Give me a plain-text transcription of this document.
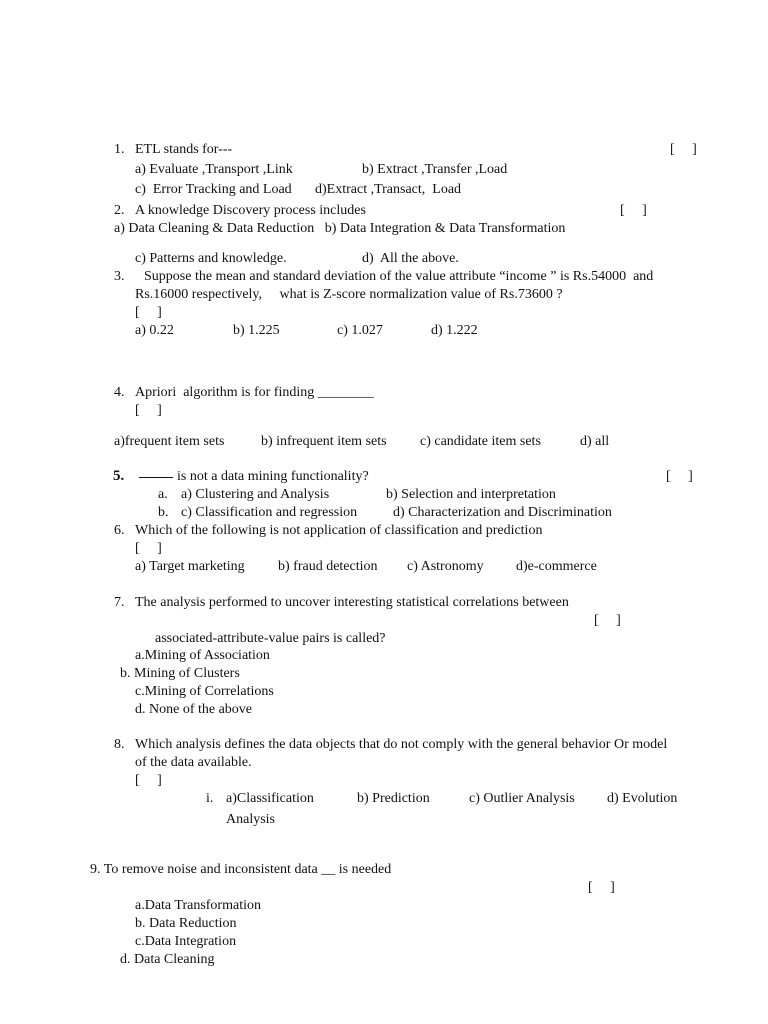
1. ETL stands for---	[     ]
a) Evaluate ,Transport ,Link	b) Extract ,Transfer ,Load
c)  Error Tracking and Load d)Extract ,Transact,  Load
2. A knowledge Discovery process includes	[     ]
a) Data Cleaning & Data Reduction   b) Data Integration & Data Transformation
c) Patterns and knowledge.	d)  All the above.
3. Suppose the mean and standard deviation of the value attribute “income ” is Rs.54000  and
Rs.16000 respectively,     what is Z-score normalization value of Rs.73600 ?
[     ]
a) 0.22	b) 1.225	c) 1.027	d) 1.222
4. Apriori  algorithm is for finding ________
[     ]
a)frequent item sets	b) infrequent item sets c) candidate item sets	d) all
5.	is not a data mining functionality?	[     ]
a. a) Clustering and Analysis	b) Selection and interpretation
b. c) Classification and regression	d) Characterization and Discrimination
6. Which of the following is not application of classification and prediction
[     ]
a) Target marketing b) fraud detection c) Astronomy d)e-commerce
7. The analysis performed to uncover interesting statistical correlations between
[     ]
associated-attribute-value pairs is called?
a.Mining of Association
b. Mining of Clusters
c.Mining of Correlations
d. None of the above
8. Which analysis defines the data objects that do not comply with the general behavior Or model
of the data available.
[     ]
i. a)Classification
Analysis
b) Prediction	c) Outlier Analysis d) Evolution
9. To remove noise and inconsistent data __ is needed
[     ]
a.Data Transformation
b. Data Reduction
c.Data Integration
d. Data Cleaning
